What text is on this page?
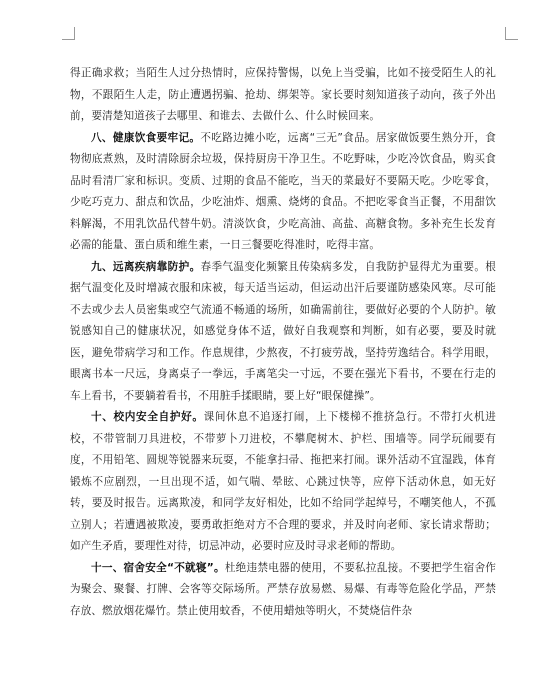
得正确求救；当陌生人过分热情时，应保持警惕，以免上当受骗，比如不接受陌生人的礼物，不跟陌生人走，防止遭遇拐骗、抢劫、绑架等。家长要时刻知道孩子动向，孩子外出前，要清楚知道孩子去哪里、和谁去、去做什么、什么时候回来。

八、健康饮食要牢记。不吃路边摊小吃，远离“三无”食品。居家做饭要生熟分开，食物彻底煮熟，及时清除厨余垃圾，保持厨房干净卫生。不吃野味，少吃冷饮食品，购买食品时看清厂家和标识。变质、过期的食品不能吃，当天的菜最好不要隔天吃。少吃零食，少吃巧克力、甜点和饮品，少吃油炸、烟熏、烧烤的食品。不把吃零食当正餐，不用甜饮料解渴，不用乳饮品代替牛奶。清淡饮食，少吃高油、高盐、高糖食物。多补充生长发育必需的能量、蛋白质和维生素，一日三餐要吃得准时，吃得丰富。

九、远离疾病靠防护。春季气温变化频繁且传染病多发，自我防护显得尤为重要。根据气温变化及时增减衣服和床被，每天适当运动，但运动出汗后要谨防感染风寒。尽可能不去或少去人员密集或空气流通不畅通的场所，如确需前往，要做好必要的个人防护。敏锐感知自己的健康状况，如感觉身体不适，做好自我观察和判断，如有必要，要及时就医，避免带病学习和工作。作息规律，少熬夜，不打疲劳战，坚持劳逸结合。科学用眼，眼离书本一尺远，身离桌子一拳远，手离笔尖一寸远，不要在强光下看书，不要在行走的车上看书，不要躺着看书，不用脏手揉眼睛，要上好“眼保健操”。

十、校内安全自护好。课间休息不追逐打闹，上下楼梯不推挤急行。不带打火机进校，不带管制刀具进校，不带萝卜刀进校，不攀爬树木、护栏、围墙等。同学玩闹要有度，不用铅笔、圆规等锐器来玩耍，不能拿扫帚、拖把来打闹。课外活动不宜湿践，体育锻炼不应剧烈，一旦出现不适，如气喘、晕眩、心跳过快等，应停下活动休息，如无好转，要及时报告。远离欺凌，和同学友好相处，比如不给同学起绰号，不嘲笑他人，不孤立别人；若遭遇被欺凌，要勇敢拒绝对方不合理的要求，并及时向老师、家长请求帮助；如产生矛盾，要理性对待，切忌冲动，必要时应及时寻求老师的帮助。

十一、宿舍安全“不就寝”。杜绝违禁电器的使用，不要私拉乱接。不要把学生宿舍作为聚会、聚餐、打牌、会客等交际场所。严禁存放易燃、易爆、有毒等危险化学品，严禁存放、燃放烟花爆竹。禁止使用蚊香，不使用蜡烛等明火，不焚烧信件杂
